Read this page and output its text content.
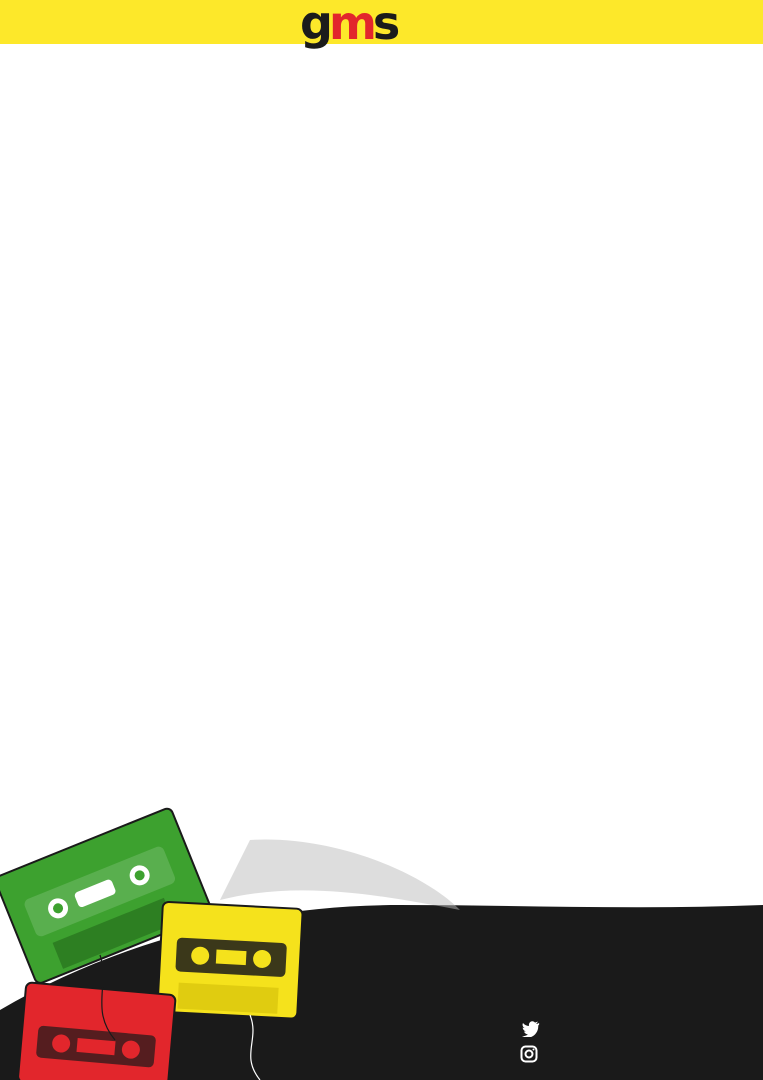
gms
